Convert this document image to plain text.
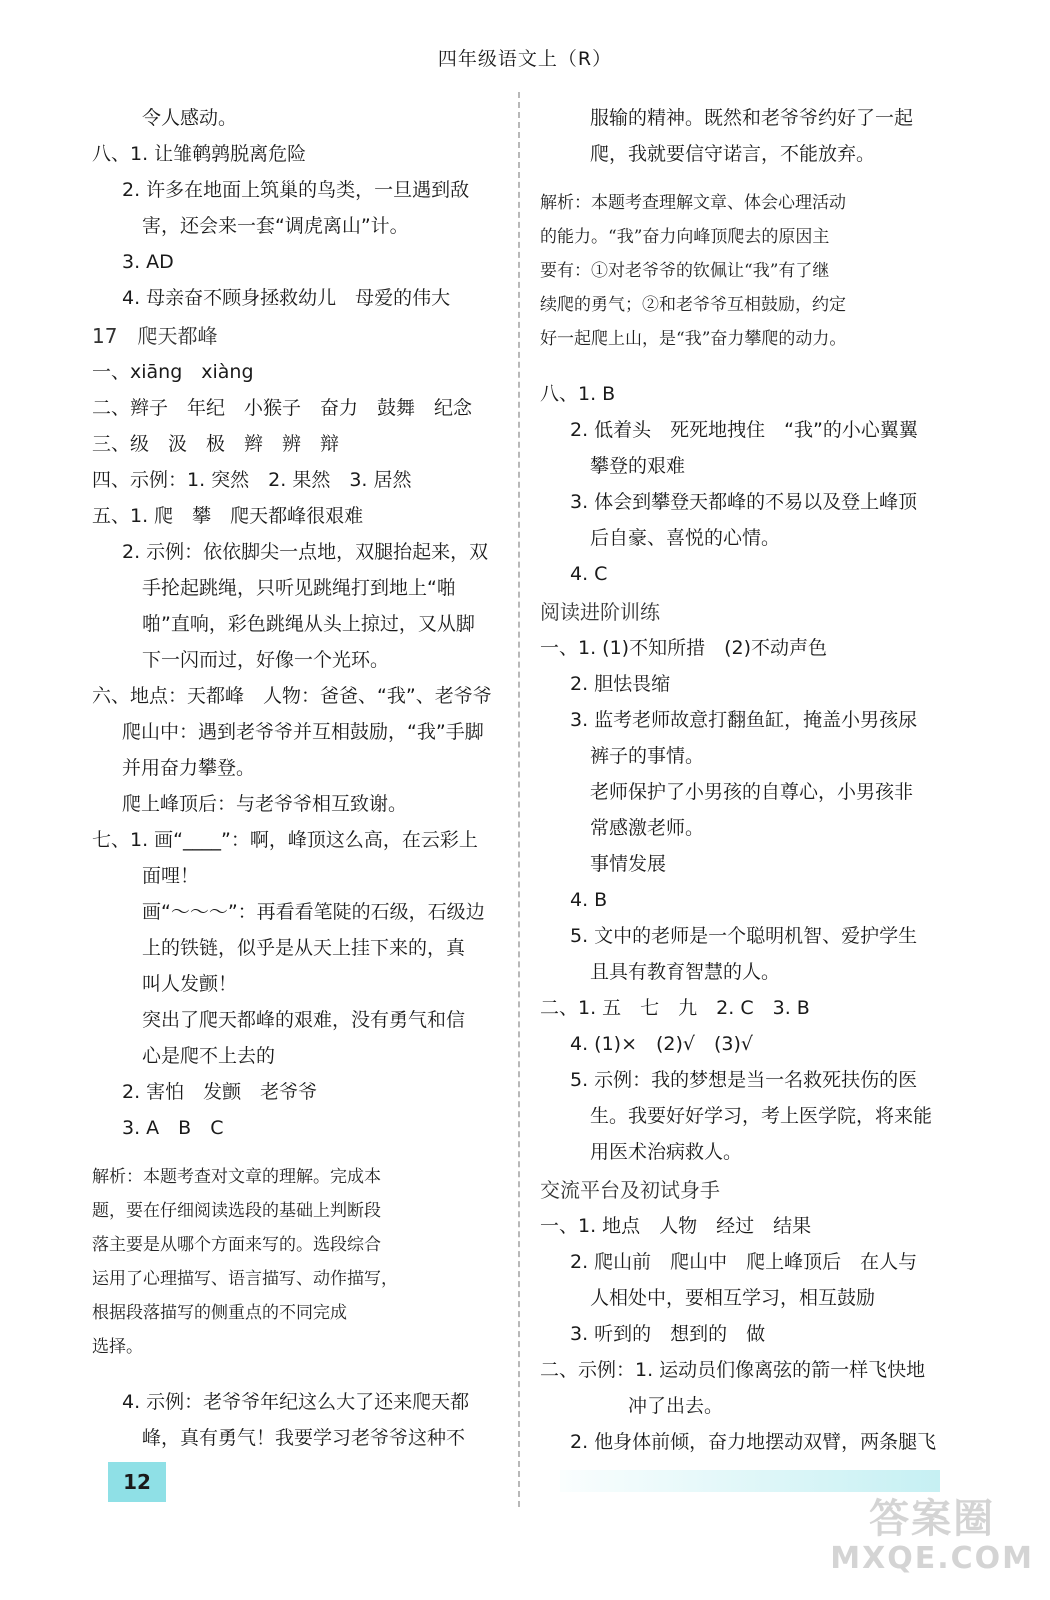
四年级语文上（R）
令人感动。
八、1. 让雏鹌鹑脱离危险
2. 许多在地面上筑巢的鸟类，一旦遇到敌
害，还会来一套“调虎离山”计。
3. AD
4. 母亲奋不顾身拯救幼儿　母爱的伟大
17　爬天都峰
一、xiāng　xiàng
二、辫子　年纪　小猴子　奋力　鼓舞　纪念
三、级　汲　极　辫　辨　辩
四、示例：1. 突然　2. 果然　3. 居然
五、1. 爬　攀　爬天都峰很艰难
2. 示例：依依脚尖一点地，双腿抬起来，双
手抡起跳绳，只听见跳绳打到地上“啪
啪”直响，彩色跳绳从头上掠过，又从脚
下一闪而过，好像一个光环。
六、地点：天都峰　人物：爸爸、“我”、老爷爷
爬山中：遇到老爷爷并互相鼓励，“我”手脚
并用奋力攀登。
爬上峰顶后：与老爷爷相互致谢。
七、1. 画“____”：啊，峰顶这么高，在云彩上
面哩！
画“～～～”：再看看笔陡的石级，石级边
上的铁链，似乎是从天上挂下来的，真
叫人发颤！
突出了爬天都峰的艰难，没有勇气和信
心是爬不上去的
2. 害怕　发颤　老爷爷
3. A　B　C
解析：本题考查对文章的理解。完成本
题，要在仔细阅读选段的基础上判断段
落主要是从哪个方面来写的。选段综合
运用了心理描写、语言描写、动作描写，
根据段落描写的侧重点的不同完成
选择。
4. 示例：老爷爷年纪这么大了还来爬天都
峰，真有勇气！我要学习老爷爷这种不
服输的精神。既然和老爷爷约好了一起
爬，我就要信守诺言，不能放弃。
解析：本题考查理解文章、体会心理活动
的能力。“我”奋力向峰顶爬去的原因主
要有：①对老爷爷的钦佩让“我”有了继
续爬的勇气；②和老爷爷互相鼓励，约定
好一起爬上山，是“我”奋力攀爬的动力。
八、1. B
2. 低着头　死死地拽住　“我”的小心翼翼
攀登的艰难
3. 体会到攀登天都峰的不易以及登上峰顶
后自豪、喜悦的心情。
4. C
阅读进阶训练
一、1. (1)不知所措　(2)不动声色
2. 胆怯畏缩
3. 监考老师故意打翻鱼缸，掩盖小男孩尿
裤子的事情。
老师保护了小男孩的自尊心，小男孩非
常感激老师。
事情发展
4. B
5. 文中的老师是一个聪明机智、爱护学生
且具有教育智慧的人。
二、1. 五　七　九　2. C　3. B
4. (1)×　(2)√　(3)√
5. 示例：我的梦想是当一名救死扶伤的医
生。我要好好学习，考上医学院，将来能
用医术治病救人。
交流平台及初试身手
一、1. 地点　人物　经过　结果
2. 爬山前　爬山中　爬上峰顶后　在人与
人相处中，要相互学习，相互鼓励
3. 听到的　想到的　做
二、示例：1. 运动员们像离弦的箭一样飞快地
　　冲了出去。
2. 他身体前倾，奋力地摆动双臂，两条腿飞
12
答案圈
MXQE.COM
